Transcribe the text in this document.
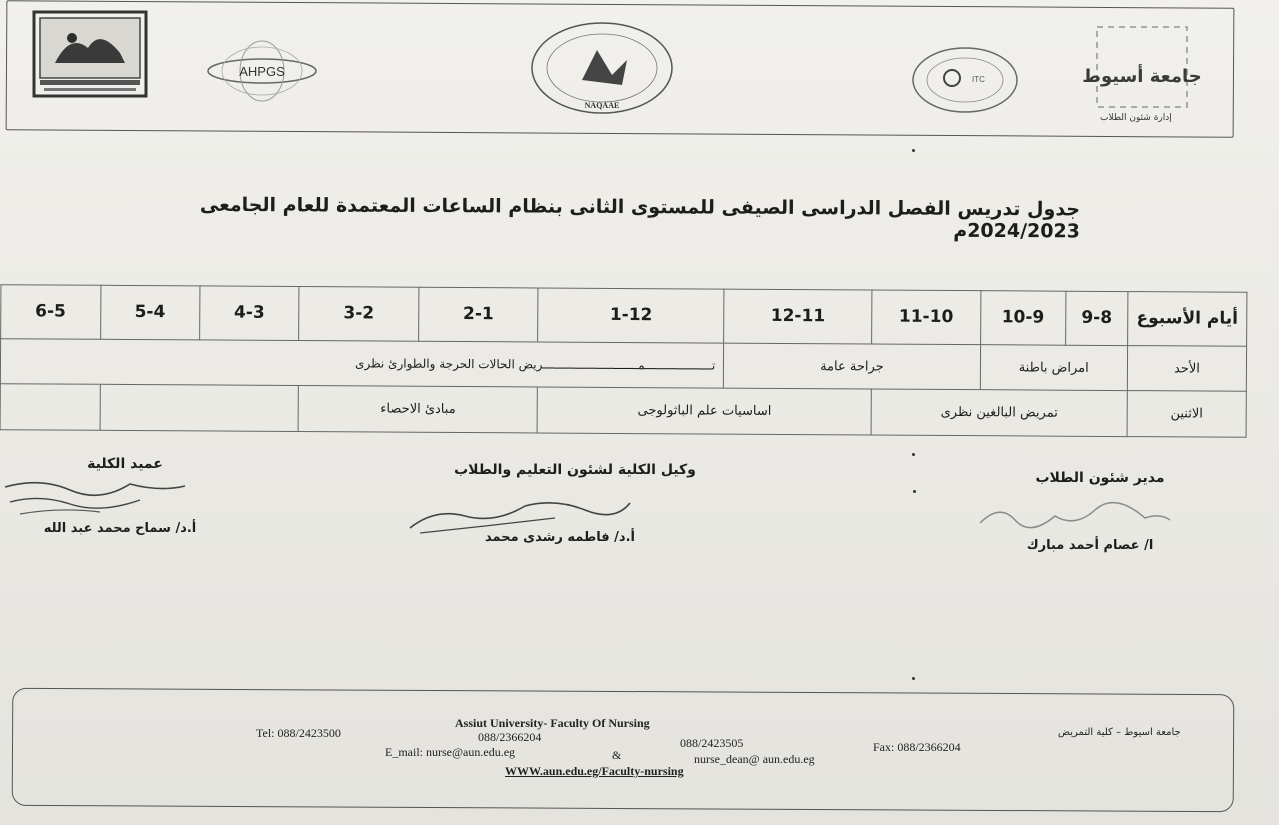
AHPGS
NAQAAE
ITC	جامعة أسيوط
إدارة شئون الطلاب
جدول تدريس الفصل الدراسى الصيفى للمستوى الثانى بنظام الساعات المعتمدة للعام الجامعى 2024/2023م
أيام الأسبوع	9-8	10-9	11-10	12-11	1-12	2-1	3-2	4-3	5-4	6-5
الأحد	امراض باطنة		جراحة عامة		تـــــــــــــــــــمـــــــــــــــــــــــــــريض الحالات الحرجة والطوارئ نظرى					
الاثنين	تمريض البالغين نظرى			اساسيات علم الباثولوجى		مبادئ الاحصاء				
مدير شئون الطلاب
ا/ عصام أحمد مبارك
وكيل الكلية لشئون التعليم والطلاب
أ.د/ فاطمه رشدى محمد
عميد الكلية
أ.د/ سماح محمد عبد الله
Assiut University- Faculty Of Nursing
جامعة اسيوط – كلية التمريض
Tel: 088/2423500	088/2366204	088/2423505	Fax: 088/2366204
E_mail: nurse@aun.edu.eg	&	nurse_dean@ aun.edu.eg
WWW.aun.edu.eg/Faculty-nursing
